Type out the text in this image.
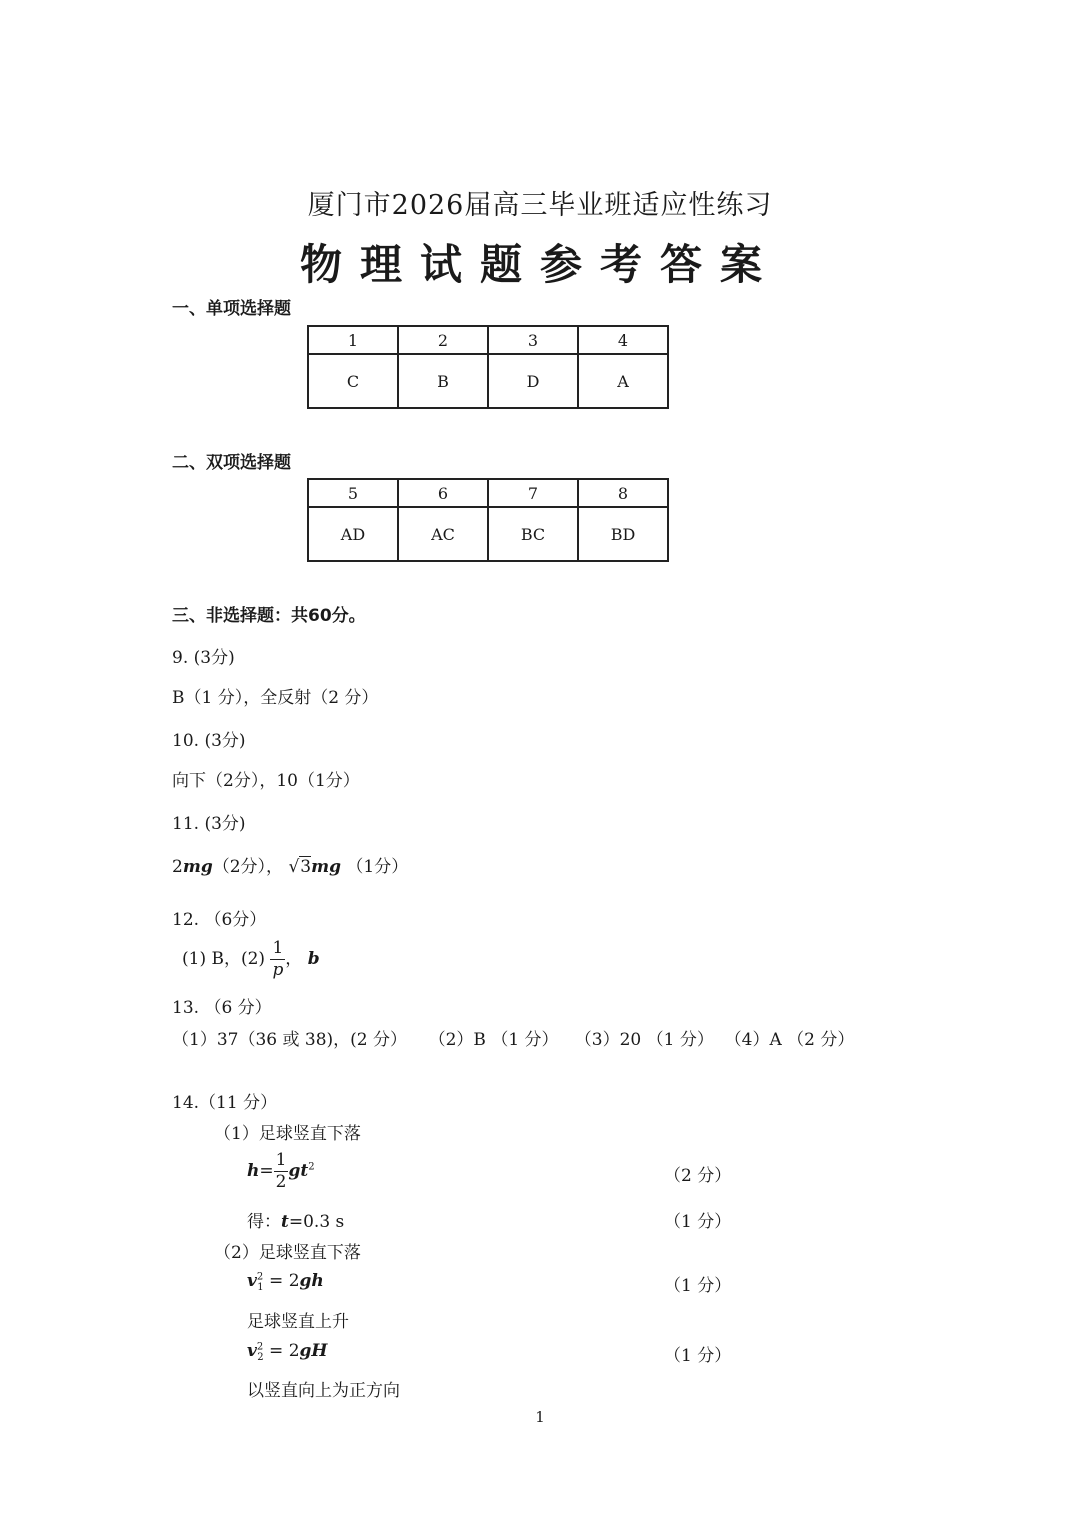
厦门市2026届高三毕业班适应性练习
物理试题参考答案
一、单项选择题
1	2	3	4
C	B	D	A
二、双项选择题
5	6	7	8
AD	AC	BC	BD
三、非选择题：共60分。
9. (3分)
B（1 分），全反射（2 分）
10. (3分)
向下（2分），10（1分）
11. (3分)
2mg（2分）， √3mg （1分）
12. （6分）
(1) B，$(2) \frac{1}{p}$ ， b
13. （6 分）
（1）37（36 或 38)，(2 分）    （2）B （1 分）   （3）20 （1 分）  （4）A （2 分）
14.（11 分）
（1）足球竖直下落
$h= \frac{1}{2} gt^2$	（2 分）
得：t=0.3 s	（1 分）
（2）足球竖直下落
$v^2_1 = 2gh$	（1 分）
足球竖直上升
$v^2_2 = 2gH$	（1 分）
以竖直向上为正方向
1
